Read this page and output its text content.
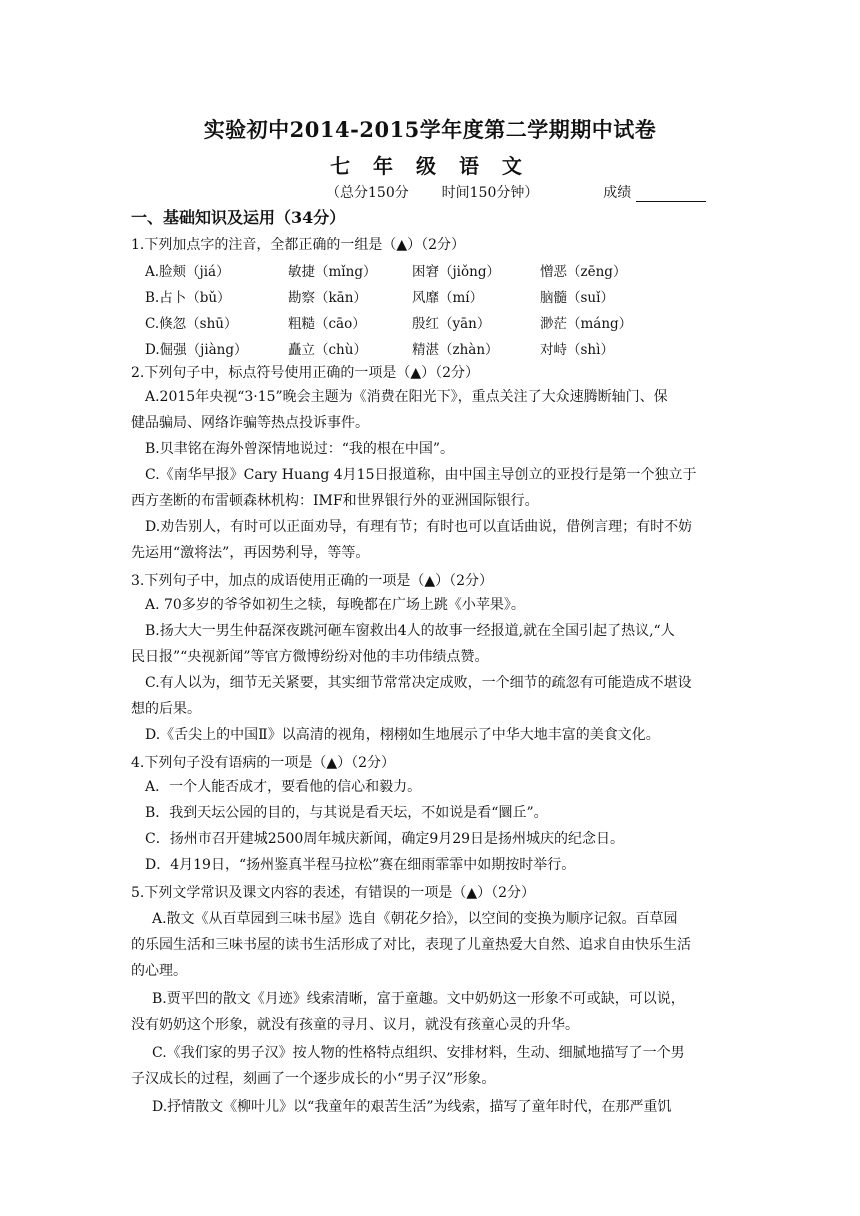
实验初中2014-2015学年度第二学期期中试卷
七 年 级 语 文
（总分150分 时间150分钟）	成绩
一、基础知识及运用（34分）
1.下列加点字的注音，全都正确的一组是（▲）（2分）
A.脸颊（jiá）	敏捷（mǐng）	困窘（jiǒng）	憎恶（zēng）
B.占卜（bǔ）	勘察（kān）	风靡（mí）	脑髓（suǐ）
C.倏忽（shū）	粗糙（cāo）	殷红（yān）	渺茫（máng）
D.倔强（jiàng）	矗立（chù）	精湛（zhàn）	对峙（shì）
2.下列句子中，标点符号使用正确的一项是（▲）（2分）
A.2015年央视“3·15”晚会主题为《消费在阳光下》，重点关注了大众速腾断轴门、保
健品骗局、网络诈骗等热点投诉事件。
B.贝聿铭在海外曾深情地说过：“我的根在中国”。
C.《南华早报》Cary Huang 4月15日报道称，由中国主导创立的亚投行是第一个独立于
西方垄断的布雷顿森林机构：IMF和世界银行外的亚洲国际银行。
D.劝告别人，有时可以正面劝导，有理有节；有时也可以直话曲说，借例言理；有时不妨
先运用“激将法”，再因势利导，等等。
3.下列句子中，加点的成语使用正确的一项是（▲）（2分）
A. 70多岁的爷爷如初生之犊，每晚都在广场上跳《小苹果》。
B.扬大大一男生仲磊深夜跳河砸车窗救出4人的故事一经报道,就在全国引起了热议,“人
民日报”“央视新闻”等官方微博纷纷对他的丰功伟绩点赞。
C.有人以为，细节无关紧要，其实细节常常决定成败，一个细节的疏忽有可能造成不堪设
想的后果。
D.《舌尖上的中国Ⅱ》以高清的视角，栩栩如生地展示了中华大地丰富的美食文化。
4.下列句子没有语病的一项是（▲）（2分）
A．一个人能否成才，要看他的信心和毅力。
B．我到天坛公园的目的，与其说是看天坛，不如说是看“圜丘”。
C．扬州市召开建城2500周年城庆新闻，确定9月29日是扬州城庆的纪念日。
D．4月19日，“扬州鉴真半程马拉松”赛在细雨霏霏中如期按时举行。
5.下列文学常识及课文内容的表述，有错误的一项是（▲）（2分）
A.散文《从百草园到三味书屋》选自《朝花夕拾》，以空间的变换为顺序记叙。百草园
的乐园生活和三味书屋的读书生活形成了对比，表现了儿童热爱大自然、追求自由快乐生活
的心理。
B.贾平凹的散文《月迹》线索清晰，富于童趣。文中奶奶这一形象不可或缺，可以说，
没有奶奶这个形象，就没有孩童的寻月、议月，就没有孩童心灵的升华。
C.《我们家的男子汉》按人物的性格特点组织、安排材料，生动、细腻地描写了一个男
子汉成长的过程，刻画了一个逐步成长的小“男子汉”形象。
D.抒情散文《柳叶儿》以“我童年的艰苦生活”为线索，描写了童年时代，在那严重饥
